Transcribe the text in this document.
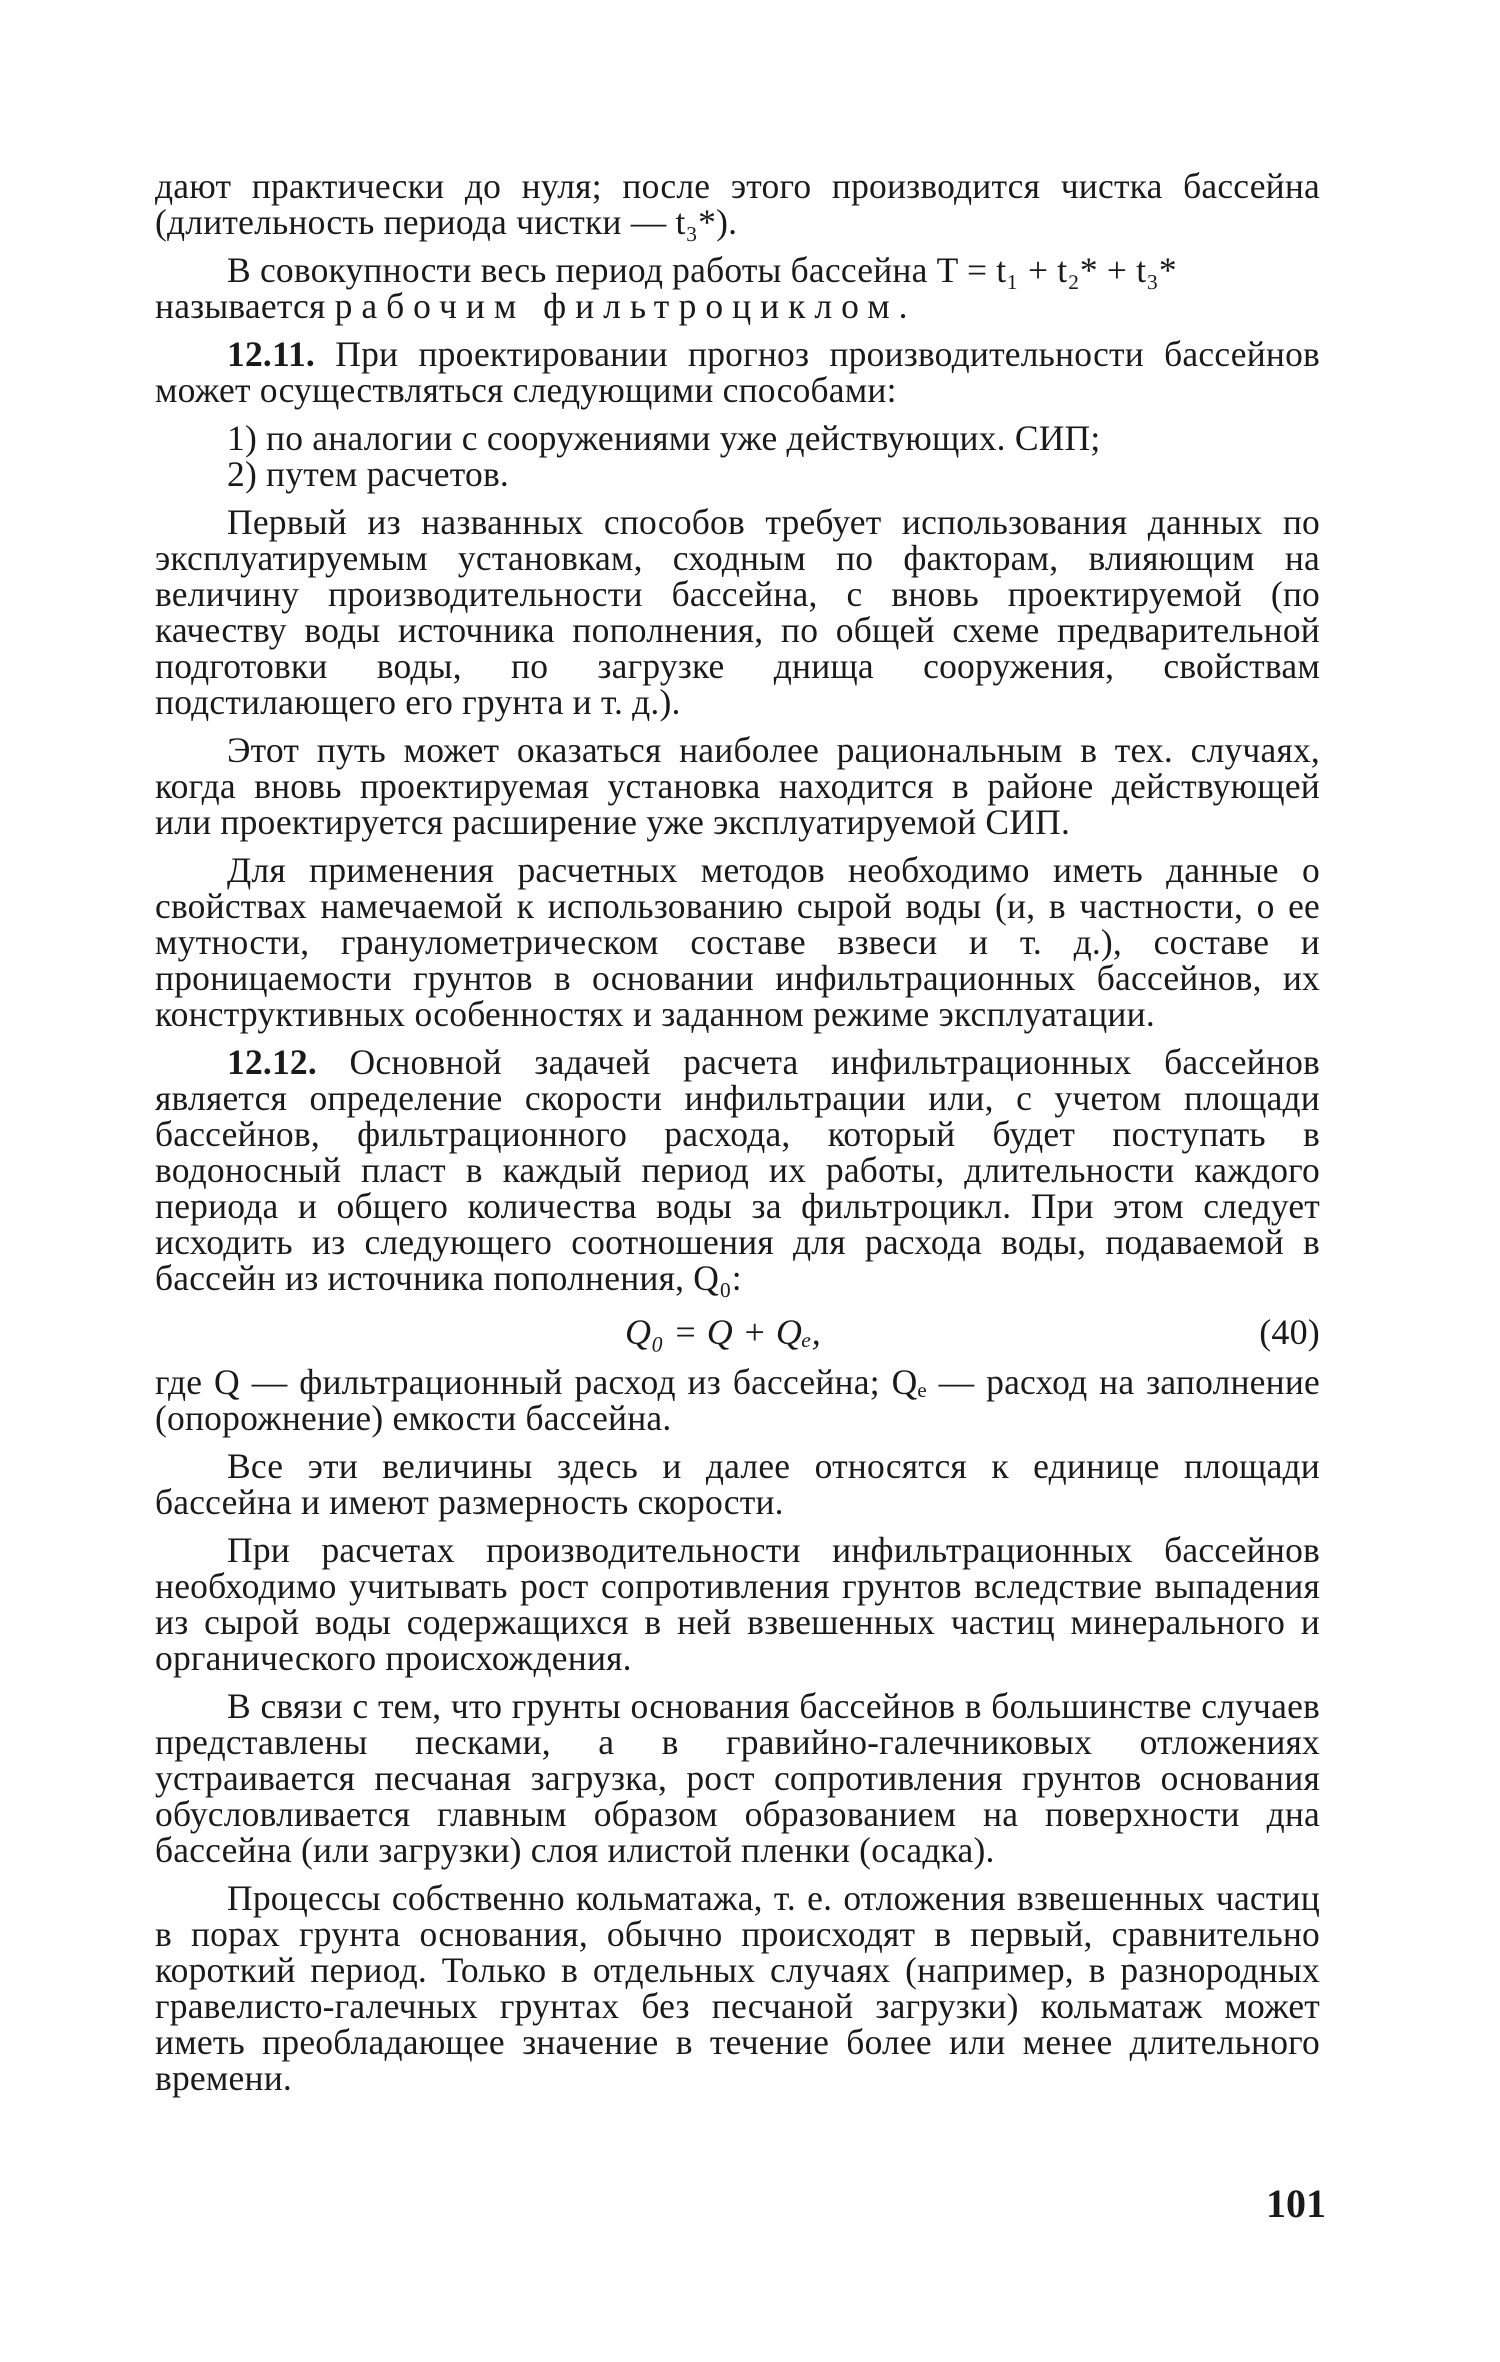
дают практически до нуля; после этого производится чистка бассейна (длительность периода чистки — t₃*).

В совокупности весь период работы бассейна T = t₁ + t₂* + t₃*
называется рабочим фильтроциклом.

12.11. При проектировании прогноз производительности бассейнов может осуществляться следующими способами:

1) по аналогии с сооружениями уже действующих. СИП;

2) путем расчетов.

Первый из названных способов требует использования данных по эксплуатируемым установкам, сходным по факторам, влияющим на величину производительности бассейна, с вновь проектируемой (по качеству воды источника пополнения, по общей схеме предварительной подготовки воды, по загрузке днища сооружения, свойствам подстилающего его грунта и т. д.).

Этот путь может оказаться наиболее рациональным в тех. случаях, когда вновь проектируемая установка находится в районе действующей или проектируется расширение уже эксплуатируемой СИП.

Для применения расчетных методов необходимо иметь данные о свойствах намечаемой к использованию сырой воды (и, в частности, о ее мутности, гранулометрическом составе взвеси и т. д.), составе и проницаемости грунтов в основании инфильтрационных бассейнов, их конструктивных особенностях и заданном режиме эксплуатации.

12.12. Основной задачей расчета инфильтрационных бассейнов является определение скорости инфильтрации или, с учетом площади бассейнов, фильтрационного расхода, который будет поступать в водоносный пласт в каждый период их работы, длительности каждого периода и общего количества воды за фильтроцикл. При этом следует исходить из следующего соотношения для расхода воды, подаваемой в бассейн из источника пополнения, Q₀:

Q₀ = Q + Qₑ,	(40)

где Q — фильтрационный расход из бассейна; Qₑ — расход на заполнение (опорожнение) емкости бассейна.

Все эти величины здесь и далее относятся к единице площади бассейна и имеют размерность скорости.

При расчетах производительности инфильтрационных бассейнов необходимо учитывать рост сопротивления грунтов вследствие выпадения из сырой воды содержащихся в ней взвешенных частиц минерального и органического происхождения.

В связи с тем, что грунты основания бассейнов в большинстве случаев представлены песками, а в гравийно-галечниковых отложениях устраивается песчаная загрузка, рост сопротивления грунтов основания обусловливается главным образом образованием на поверхности дна бассейна (или загрузки) слоя илистой пленки (осадка).

Процессы собственно кольматажа, т. е. отложения взвешенных частиц в порах грунта основания, обычно происходят в первый, сравнительно короткий период. Только в отдельных случаях (например, в разнородных гравелисто-галечных грунтах без песчаной загрузки) кольматаж может иметь преобладающее значение в течение более или менее длительного времени.

101
